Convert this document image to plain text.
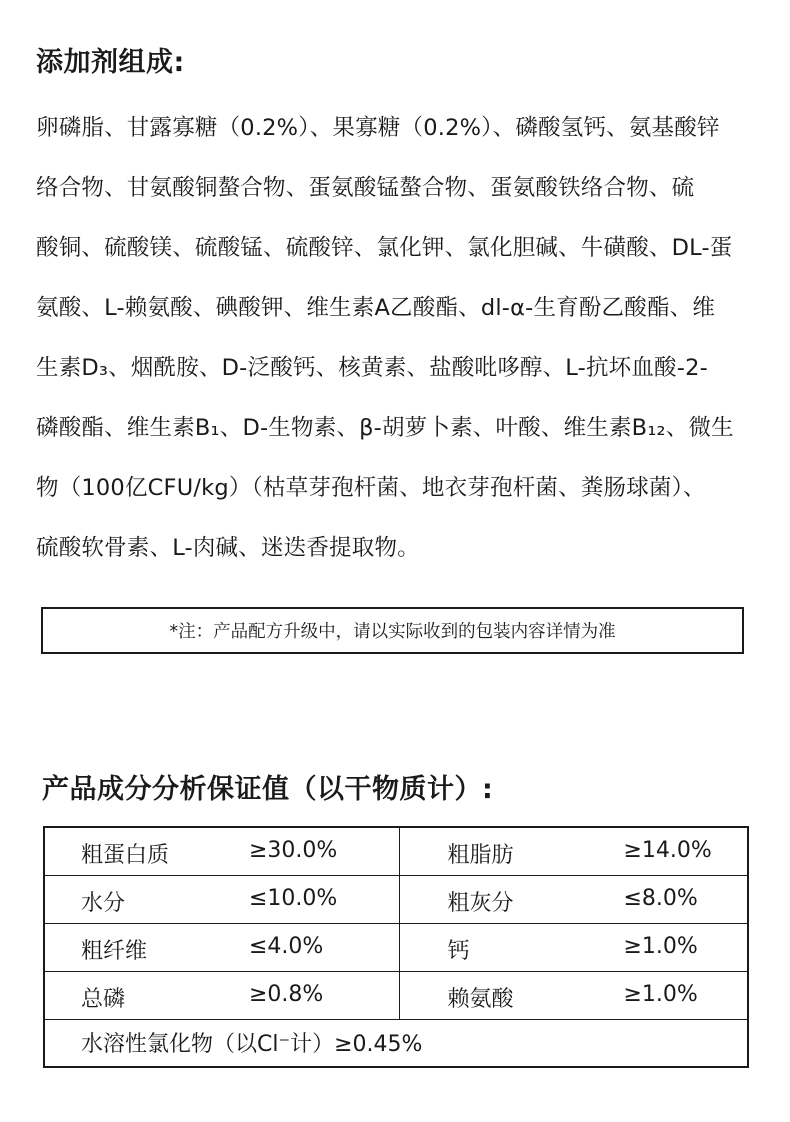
添加剂组成:
卵磷脂、甘露寡糖（0.2%）、果寡糖（0.2%）、磷酸氢钙、氨基酸锌
络合物、甘氨酸铜螯合物、蛋氨酸锰螯合物、蛋氨酸铁络合物、硫
酸铜、硫酸镁、硫酸锰、硫酸锌、氯化钾、氯化胆碱、牛磺酸、DL-蛋
氨酸、L-赖氨酸、碘酸钾、维生素A乙酸酯、dl-α-生育酚乙酸酯、维
生素D₃、烟酰胺、D-泛酸钙、核黄素、盐酸吡哆醇、L-抗坏血酸-2-
磷酸酯、维生素B₁、D-生物素、β-胡萝卜素、叶酸、维生素B₁₂、微生
物（100亿CFU/kg）（枯草芽孢杆菌、地衣芽孢杆菌、粪肠球菌）、
硫酸软骨素、L-肉碱、迷迭香提取物。
*注：产品配方升级中，请以实际收到的包装内容详情为准
产品成分分析保证值（以干物质计）:
粗蛋白质 ≥30.0%	粗脂肪 ≥14.0%

水分 ≤10.0%	粗灰分 ≤8.0%

粗纤维 ≤4.0%	钙 ≥1.0%

总磷 ≥0.8%	赖氨酸 ≥1.0%

水溶性氯化物（以Cl⁻计）≥0.45%	
